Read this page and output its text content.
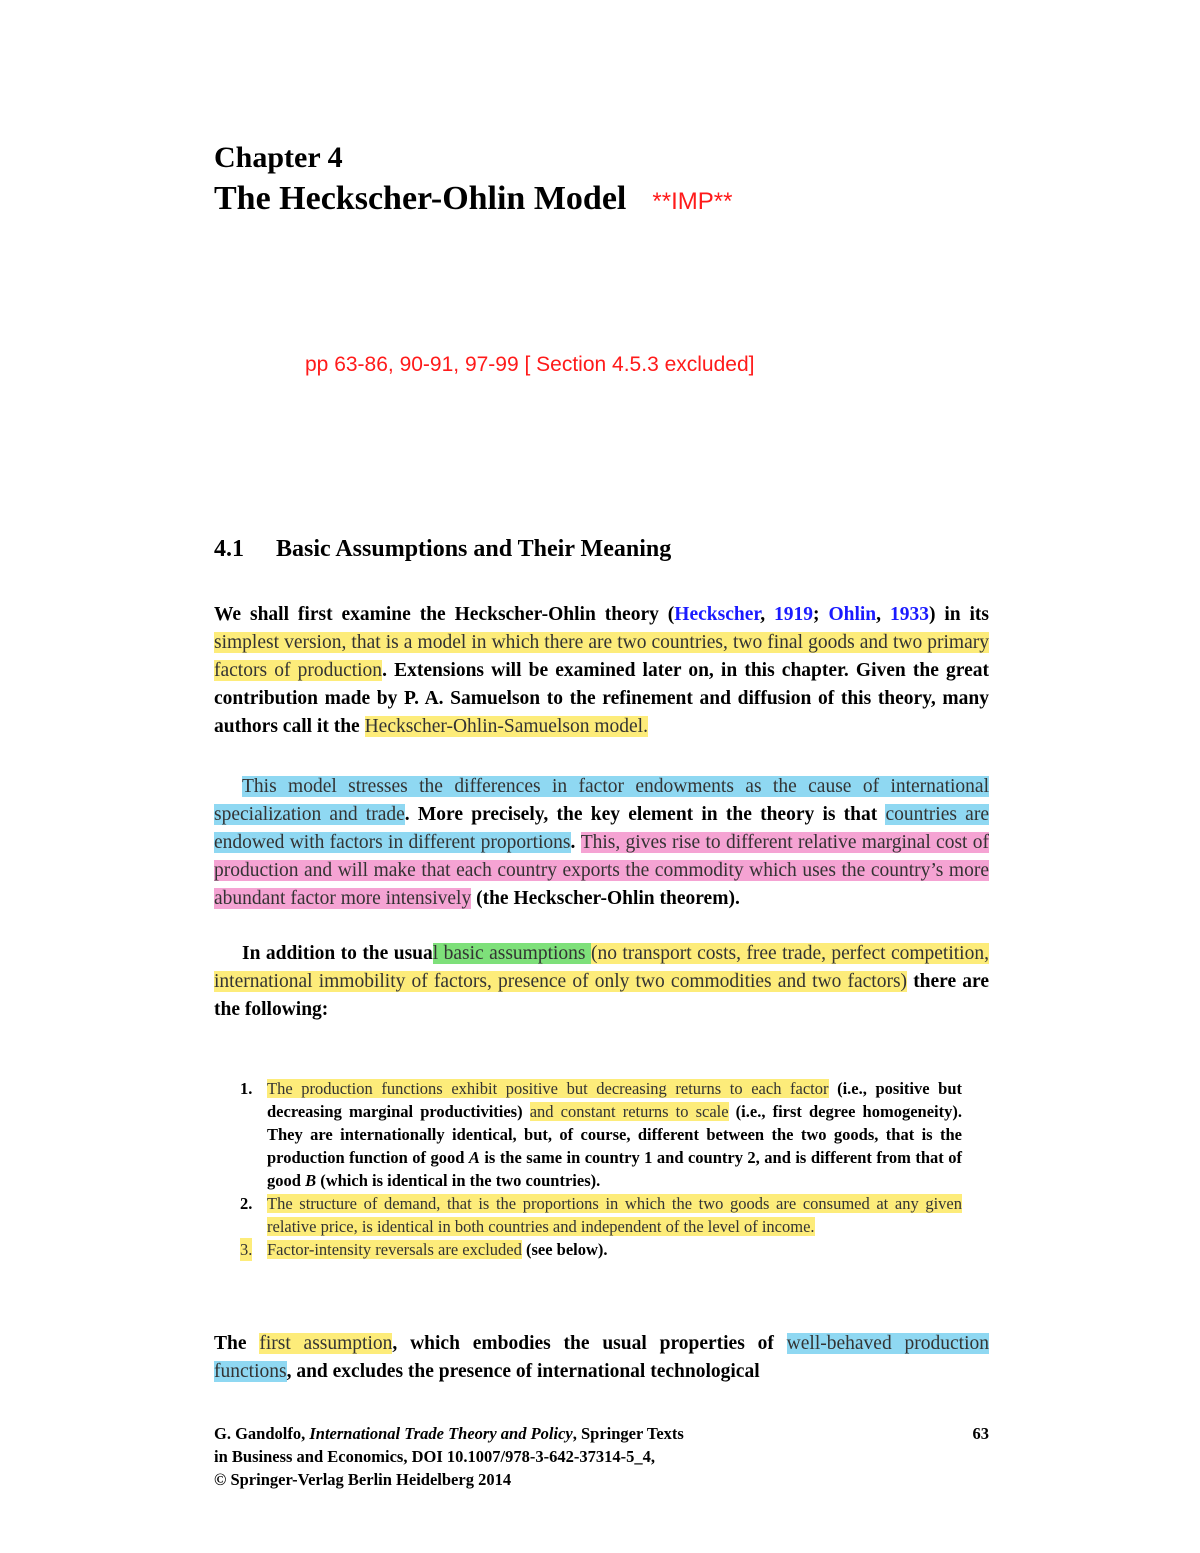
Chapter 4
The Heckscher-Ohlin Model **IMP**

pp 63-86, 90-91, 97-99 [ Section 4.5.3 excluded]

4.1 Basic Assumptions and Their Meaning

We shall first examine the Heckscher-Ohlin theory (Heckscher, 1919; Ohlin, 1933) in its simplest version, that is a model in which there are two countries, two final goods and two primary factors of production. Extensions will be examined later on, in this chapter. Given the great contribution made by P. A. Samuelson to the refinement and diffusion of this theory, many authors call it the Heckscher-Ohlin-Samuelson model.

This model stresses the differences in factor endowments as the cause of international specialization and trade. More precisely, the key element in the theory is that countries are endowed with factors in different proportions. This, gives rise to different relative marginal cost of production and will make that each country exports the commodity which uses the country’s more abundant factor more intensively (the Heckscher-Ohlin theorem).

In addition to the usual basic assumptions (no transport costs, free trade, perfect competition, international immobility of factors, presence of only two commodities and two factors) there are the following:

1. The production functions exhibit positive but decreasing returns to each factor (i.e., positive but decreasing marginal productivities) and constant returns to scale (i.e., first degree homogeneity). They are internationally identical, but, of course, different between the two goods, that is the production function of good A is the same in country 1 and country 2, and is different from that of good B (which is identical in the two countries).
2. The structure of demand, that is the proportions in which the two goods are consumed at any given relative price, is identical in both countries and independent of the level of income.
3. Factor-intensity reversals are excluded (see below).

The first assumption, which embodies the usual properties of well-behaved production functions, and excludes the presence of international technological

G. Gandolfo, International Trade Theory and Policy, Springer Texts
in Business and Economics, DOI 10.1007/978-3-642-37314-5_4,
© Springer-Verlag Berlin Heidelberg 2014
63
